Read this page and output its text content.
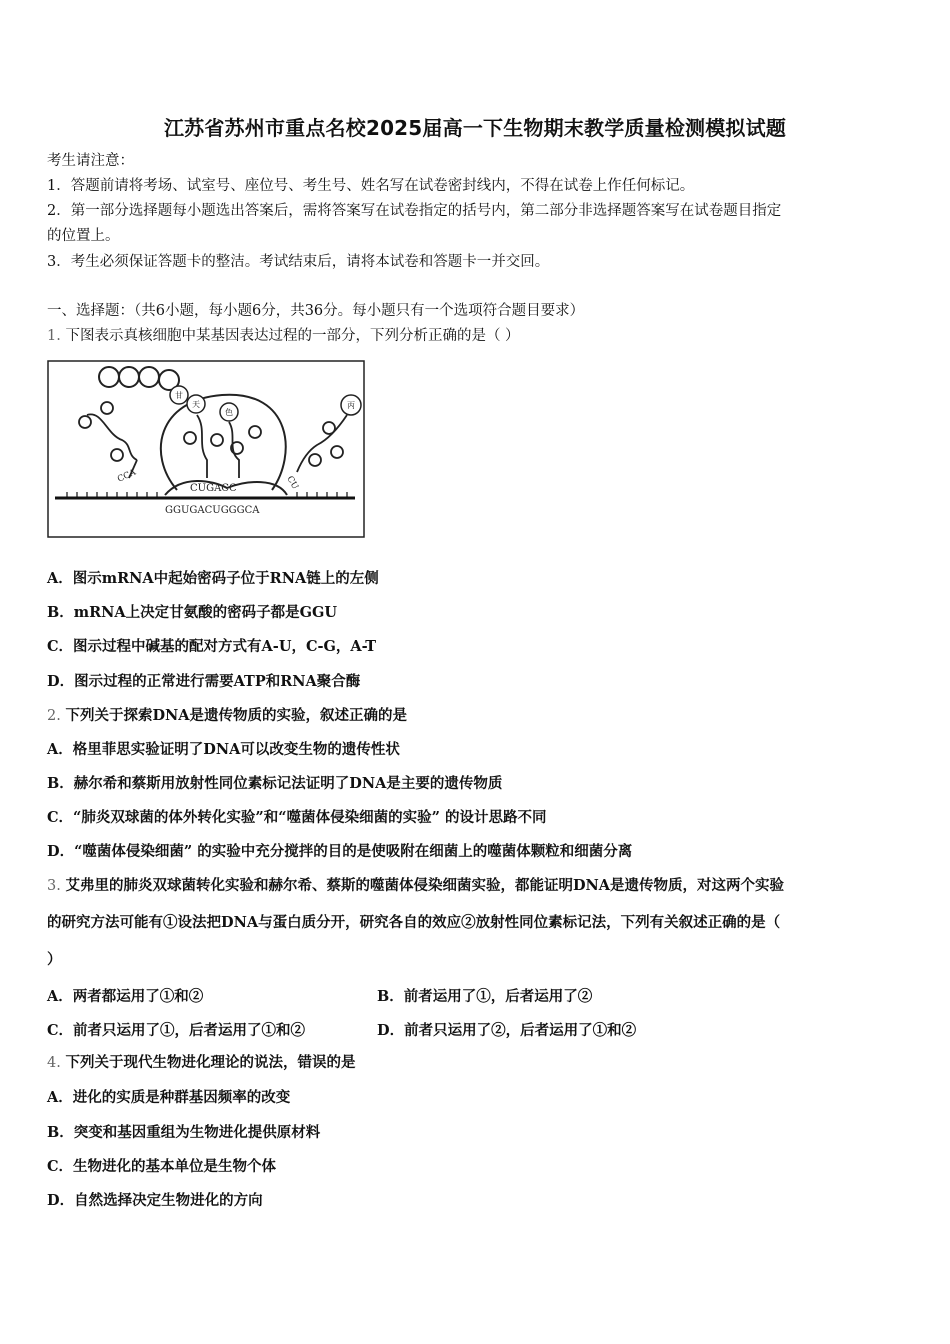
江苏省苏州市重点名校2025届高一下生物期末教学质量检测模拟试题
考生请注意：
1．答题前请将考场、试室号、座位号、考生号、姓名写在试卷密封线内，不得在试卷上作任何标记。
2．第一部分选择题每小题选出答案后，需将答案写在试卷指定的括号内，第二部分非选择题答案写在试卷题目指定
的位置上。
3．考生必须保证答题卡的整洁。考试结束后，请将本试卷和答题卡一并交回。
一、选择题：（共6小题，每小题6分，共36分。每小题只有一个选项符合题目要求）
1. 下图表示真核细胞中某基因表达过程的一部分，下列分析正确的是（ ）
甘
天
色
丙
CCA	CU
CUGACC
GGUGACUGGGCA
A．图示mRNA中起始密码子位于RNA链上的左侧
B．mRNA上决定甘氨酸的密码子都是GGU
C．图示过程中碱基的配对方式有A-U，C-G，A-T
D．图示过程的正常进行需要ATP和RNA聚合酶
2. 下列关于探索DNA是遗传物质的实验，叙述正确的是
A．格里菲思实验证明了DNA可以改变生物的遗传性状
B．赫尔希和蔡斯用放射性同位素标记法证明了DNA是主要的遗传物质
C．“肺炎双球菌的体外转化实验”和“噬菌体侵染细菌的实验” 的设计思路不同
D．“噬菌体侵染细菌” 的实验中充分搅拌的目的是使吸附在细菌上的噬菌体颗粒和细菌分离
3. 艾弗里的肺炎双球菌转化实验和赫尔希、蔡斯的噬菌体侵染细菌实验，都能证明DNA是遗传物质，对这两个实验
的研究方法可能有①设法把DNA与蛋白质分开，研究各自的效应②放射性同位素标记法，下列有关叙述正确的是（
）
A．两者都运用了①和②	B．前者运用了①，后者运用了②
C．前者只运用了①，后者运用了①和②	D．前者只运用了②，后者运用了①和②
4. 下列关于现代生物进化理论的说法，错误的是
A．进化的实质是种群基因频率的改变
B．突变和基因重组为生物进化提供原材料
C．生物进化的基本单位是生物个体
D．自然选择决定生物进化的方向
